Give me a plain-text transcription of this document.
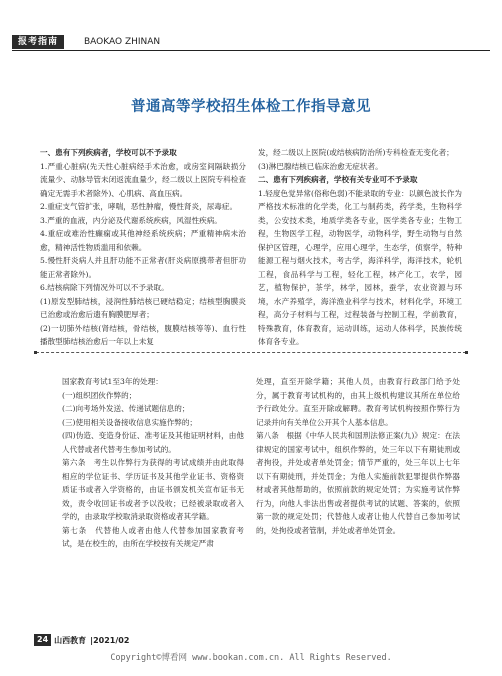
报考指南	BAOKAO ZHINAN
普通高等学校招生体检工作指导意见

一、患有下列疾病者，学校可以不予录取

1.严重心脏病(先天性心脏病经手术治愈，或房室间隔缺损分流量少、动脉导管未闭返流血量少，经二级以上医院专科检查确定无需手术者除外)、心肌病、高血压病。

2.重症支气管扩张，哮喘，恶性肿瘤，慢性肾炎，尿毒症。

3.严重的血液，内分泌及代谢系统疾病，风湿性疾病。

4.重症或难治性癫痫或其他神经系统疾病；严重精神病未治愈，精神活性物质滥用和依赖。

5.慢性肝炎病人并且肝功能不正常者(肝炎病原携带者但肝功能正常者除外)。

6.结核病除下列情况外可以不予录取。

(1)原发型肺结核，浸润性肺结核已硬结稳定；结核型胸膜炎已治愈或治愈后遗有胸膜肥厚者；

(2)一切肺外结核(肾结核，骨结核，腹膜结核等等)、血行性播散型肺结核治愈后一年以上未复

发，经二级以上医院(或结核病防治所)专科检查无变化者；

(3)淋巴腺结核已临床治愈无症状者。

二、患有下列疾病者，学校有关专业可不予录取

1.轻度色觉异常(俗称色弱)不能录取的专业：以颜色波长作为严格技术标准的化学类，化工与制药类，药学类，生物科学类，公安技术类，地质学类各专业，医学类各专业；生物工程，生物医学工程，动物医学，动物科学，野生动物与自然保护区管理，心理学，应用心理学，生态学，侦察学，特种能源工程与烟火技术，考古学，海洋科学，海洋技术，轮机工程，食品科学与工程，轻化工程，林产化工，农学，园艺，植物保护，茶学，林学，园林，蚕学，农业资源与环境，水产养殖学，海洋渔业科学与技术，材料化学，环境工程，高分子材料与工程，过程装备与控制工程，学前教育，特殊教育，体育教育，运动训练，运动人体科学，民族传统体育各专业。

国家教育考试1至3年的处理：

(一)组织团伙作弊的；

(二)向考场外发送、传递试题信息的；

(三)使用相关设备接收信息实施作弊的；

(四)伪造、变造身份证、准考证及其他证明材料，由他人代替或者代替考生参加考试的。

第六条　考生以作弊行为获得的考试成绩并由此取得相应的学位证书、学历证书及其他学业证书、资格资质证书或者入学资格的，由证书颁发机关宣布证书无效，责令收回证书或者予以没收；已经被录取或者入学的，由录取学校取消录取资格或者其学籍。

第七条　代替他人或者由他人代替参加国家教育考试，是在校生的，由所在学校按有关规定严肃

处理，直至开除学籍；其他人员，由教育行政部门给予处分，属于教育考试机构的，由其上级机构建议其所在单位给予行政处分。直至开除或解聘。教育考试机构按照作弊行为记录并向有关单位公开其个人基本信息。

第八条　根据《中华人民共和国刑法修正案(九)》规定：在法律规定的国家考试中，组织作弊的，处三年以下有期徒刑或者拘役，并处或者单处罚金；情节严重的，处三年以上七年以下有期徒刑，并处罚金；为他人实施前款犯罪提供作弊器材或者其他帮助的，依照前款的规定处罚；为实施考试作弊行为，向他人非法出售或者提供考试的试题、答案的，依照第一款的规定处罚；代替他人或者让他人代替自己参加考试的，处拘役或者管制，并处或者单处罚金。

24 山西教育 |2021/02
Copyright©博看网 www.bookan.com.cn. All Rights Reserved.
